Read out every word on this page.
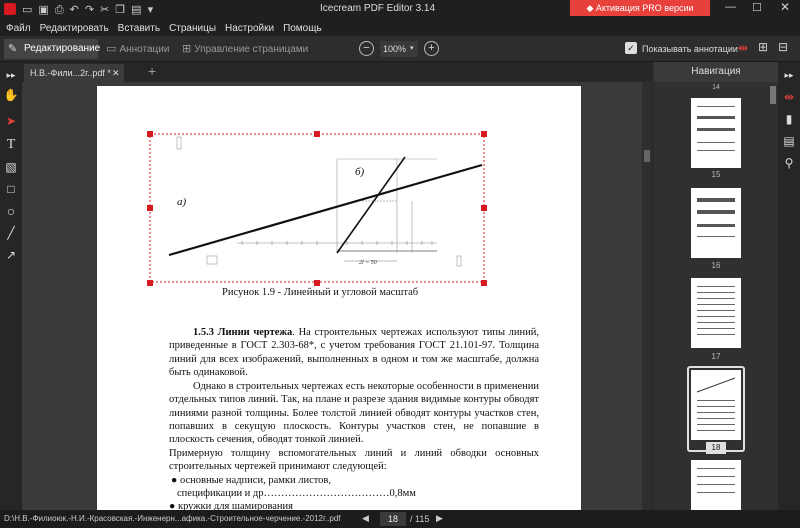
▭▣⎙↶↷✂❐▤▾	Icecream PDF Editor 3.14	◆ Активация PRO версии	— ☐ ✕
Файл Редактировать Вставить Страницы Настройки Помощь
✎ Редактирование ▭ Аннотации ⊞ Управление страницами	−	100% ▾	+	✓ Показывать аннотации ⇹ ⊞ ⊟
▸▸
✋
➤
T
▧
□
○
╱
↗
Н.В.-Фили...2г..pdf * ✕ +
а)
б)
2l = 50
Рисунок 1.9 - Линейный и угловой масштаб
1.5.3 Линии чертежа. На строительных чертежах используют типы линий, приведенные в ГОСТ 2.303-68*, с учетом требования ГОСТ 21.101-97. Толщина линий для всех изображений, выполненных в одном и том же масштабе, должна быть одинаковой.
Однако в строительных чертежах есть некоторые особенности в применении отдельных типов линий. Так, на плане и разрезе здания видимые контуры обводят линиями разной толщины. Более толстой линией обводят контуры участков стен, попавших в секущую плоскость. Контуры участков стен, не попавшие в плоскость сечения, обводят тонкой линией.
Примерную толщину вспомогательных линий и линий обводки основных строительных чертежей принимают следующей:
● основные надписи, рамки листов,
спецификации и др………………………………0,8мм
● кружки для шамирования
Навигация
14
15
16
17
18
▸▸
⇹
▮
▤
⚲
D:\Н.В.-Филиоюк.-Н.И.-Красовская.-Инженерн...афика.-Строительное-черчение.-2012г..pdf ◀	18	/ 115 ▶
